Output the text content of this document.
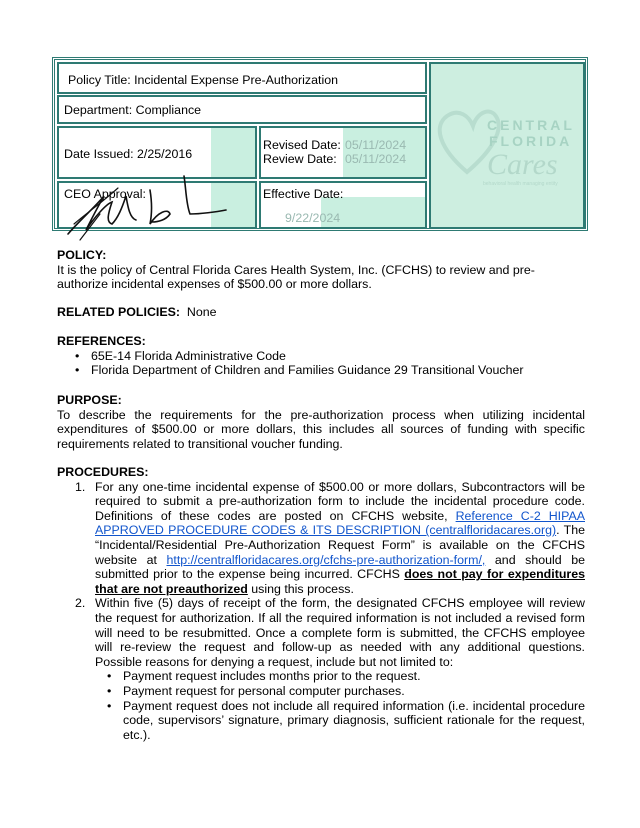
Policy Title: Incidental Expense Pre-Authorization
Department: Compliance
Date Issued: 2/25/2016
Revised Date: 05/11/2024
Review Date: 05/11/2024
CEO Approval:	Effective Date:
9/22/2024
CENTRAL
FLORIDA
Cares
behavioral health managing entity
POLICY:
It is the policy of Central Florida Cares Health System, Inc. (CFCHS) to review and pre-authorize incidental expenses of $500.00 or more dollars.
RELATED POLICIES: None
REFERENCES:
• 65E-14 Florida Administrative Code
• Florida Department of Children and Families Guidance 29 Transitional Voucher
PURPOSE:
To describe the requirements for the pre-authorization process when utilizing incidental expenditures of $500.00 or more dollars, this includes all sources of funding with specific requirements related to transitional voucher funding.
PROCEDURES:
1. For any one-time incidental expense of $500.00 or more dollars, Subcontractors will be required to submit a pre-authorization form to include the incidental procedure code. Definitions of these codes are posted on CFCHS website, Reference C-2 HIPAA APPROVED PROCEDURE CODES & ITS DESCRIPTION (centralfloridacares.org). The “Incidental/Residential Pre-Authorization Request Form” is available on the CFCHS website at http://centralfloridacares.org/cfchs-pre-authorization-form/, and should be submitted prior to the expense being incurred. CFCHS does not pay for expenditures that are not preauthorized using this process.
2. Within five (5) days of receipt of the form, the designated CFCHS employee will review the request for authorization. If all the required information is not included a revised form will need to be resubmitted. Once a complete form is submitted, the CFCHS employee will re-review the request and follow-up as needed with any additional questions. Possible reasons for denying a request, include but not limited to:
• Payment request includes months prior to the request.
• Payment request for personal computer purchases.
• Payment request does not include all required information (i.e. incidental procedure code, supervisors’ signature, primary diagnosis, sufficient rationale for the request, etc.).
